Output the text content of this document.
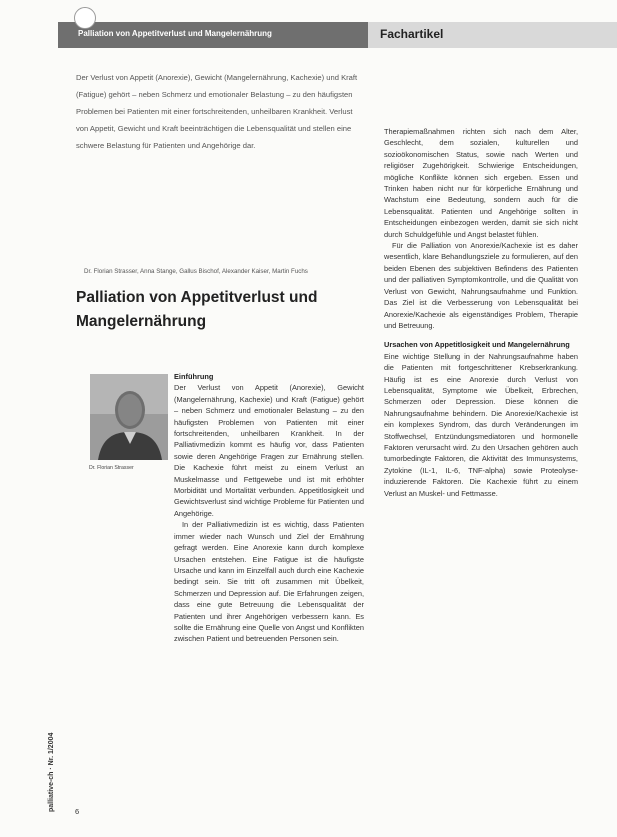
Palliation von Appetitverlust und Mangelernährung	Fachartikel
Der Verlust von Appetit (Anorexie), Gewicht (Mangelernährung, Kachexie) und Kraft (Fatigue) gehört – neben Schmerz und emotionaler Belastung – zu den häufigsten Problemen bei Patienten mit einer fortschreitenden, unheilbaren Krankheit. Verlust von Appetit, Gewicht und Kraft beeinträchtigen die Lebensqualität und stellen eine schwere Belastung für Patienten und Angehörige dar.
Dr. Florian Strasser, Anna Stange, Gallus Bischof, Alexander Kaiser, Martin Fuchs
Palliation von Appetitverlust und Mangelernährung
Dr. Florian Strasser

Einführung

Der Verlust von Appetit (Anorexie), Gewicht (Mangelernährung, Kachexie) und Kraft (Fatigue) gehört – neben Schmerz und emotionaler Belastung – zu den häufigsten Problemen von Patienten mit einer fortschreitenden, unheilbaren Krankheit. In der Palliativmedizin kommt es häufig vor, dass Patienten sowie deren Angehörige Fragen zur Ernährung stellen. Die Kachexie führt meist zu einem Verlust an Muskelmasse und Fettgewebe und ist mit erhöhter Morbidität und Mortalität verbunden. Appetitlosigkeit und Gewichtsverlust sind wichtige Probleme für Patienten und Angehörige.

In der Palliativmedizin ist es wichtig, dass Patienten immer wieder nach Wunsch und Ziel der Ernährung gefragt werden. Eine Anorexie kann durch komplexe Ursachen entstehen. Eine Fatigue ist die häufigste Ursache und kann im Einzelfall auch durch eine Kachexie bedingt sein. Sie tritt oft zusammen mit Übelkeit, Schmerzen und Depression auf. Die Erfahrungen zeigen, dass eine gute Betreuung die Lebensqualität der Patienten und ihrer Angehörigen verbessern kann. Es sollte die Ernährung eine Quelle von Angst und Konflikten zwischen Patient und betreuenden Personen sein.

Therapiemaßnahmen richten sich nach dem Alter, Geschlecht, dem sozialen, kulturellen und sozioökonomischen Status, sowie nach Werten und religiöser Zugehörigkeit. Schwierige Entscheidungen, mögliche Konflikte können sich ergeben. Essen und Trinken haben nicht nur für körperliche Ernährung und Wachstum eine Bedeutung, sondern auch für die Lebensqualität. Patienten und Angehörige sollten in Entscheidungen einbezogen werden, damit sie sich nicht durch Schuldgefühle und Angst belastet fühlen.

Für die Palliation von Anorexie/Kachexie ist es daher wesentlich, klare Behandlungsziele zu formulieren, auf den beiden Ebenen des subjektiven Befindens des Patienten und der palliativen Symptomkontrolle, und die Qualität von Verlust von Gewicht, Nahrungsaufnahme und Funktion. Das Ziel ist die Verbesserung von Lebensqualität bei Anorexie/Kachexie als eigenständiges Problem, Therapie und Betreuung.

Ursachen von Appetitlosigkeit und Mangelernährung

Eine wichtige Stellung in der Nahrungsaufnahme haben die Patienten mit fortgeschrittener Krebserkrankung. Häufig ist es eine Anorexie durch Verlust von Lebensqualität, Symptome wie Übelkeit, Erbrechen, Schmerzen oder Depression. Diese können die Nahrungsaufnahme behindern. Die Anorexie/Kachexie ist ein komplexes Syndrom, das durch Veränderungen im Stoffwechsel, Entzündungsmediatoren und hormonelle Faktoren verursacht wird. Zu den Ursachen gehören auch tumorbedingte Faktoren, die Aktivität des Immunsystems, Zytokine (IL-1, IL-6, TNF-alpha) sowie Proteolyse-induzierende Faktoren. Die Kachexie führt zu einem Verlust an Muskel- und Fettmasse.

palliative-ch · Nr. 1/2004	6
